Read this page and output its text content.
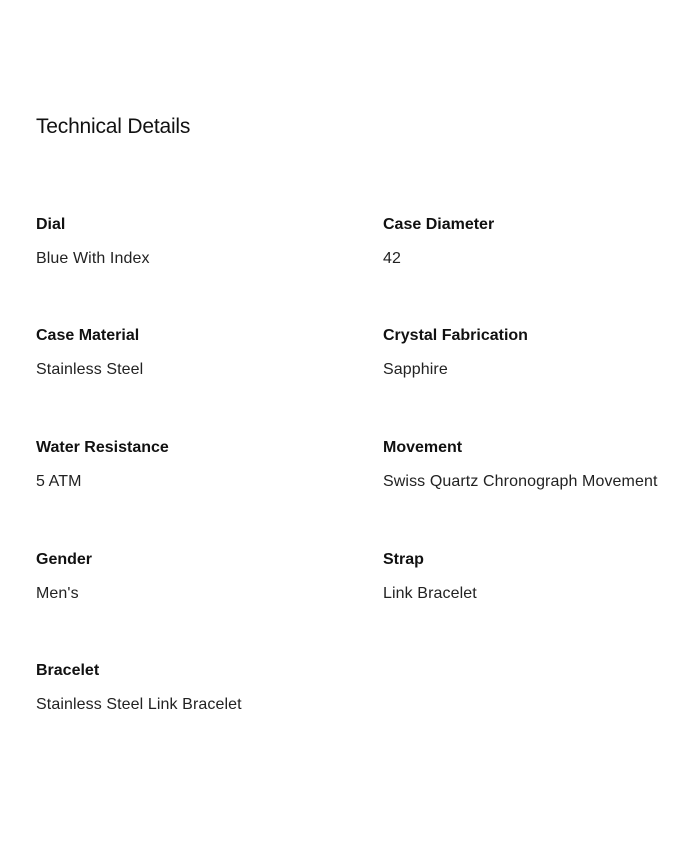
Technical Details
Dial
Blue With Index
Case Diameter
42
Case Material
Stainless Steel
Crystal Fabrication
Sapphire
Water Resistance
5 ATM
Movement
Swiss Quartz Chronograph Movement
Gender
Men's
Strap
Link Bracelet
Bracelet
Stainless Steel Link Bracelet
